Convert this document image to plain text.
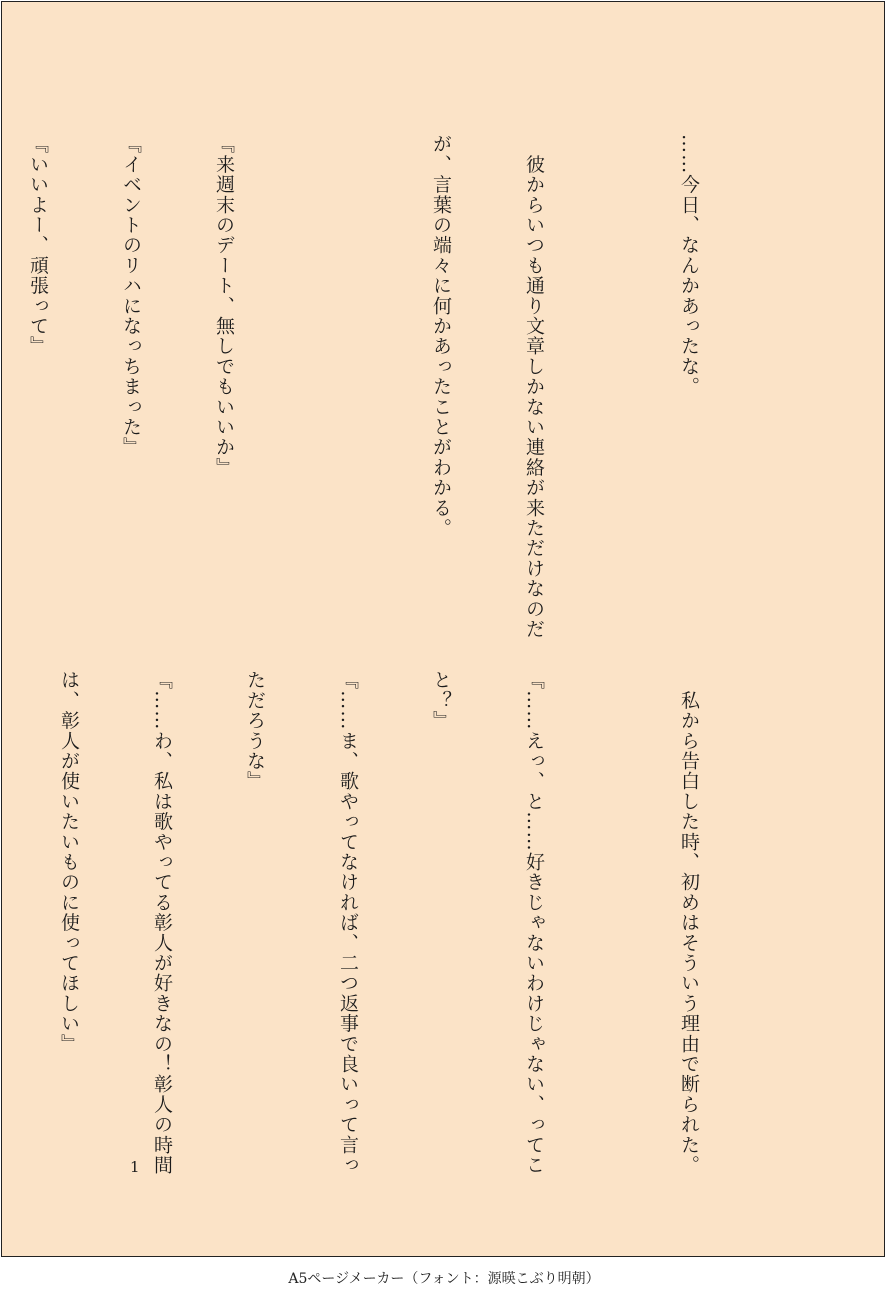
……今日、なんかあったな。

　彼からいつも通り文章しかない連絡が来ただけなのだ

が、言葉の端々に何かあったことがわかる。

『来週末のデート、無しでもいいか』

『イベントのリハになっちまった』

『いいよー、頑張って』

　私から告白した時、初めはそういう理由で断られた。

『……えっ、と……好きじゃないわけじゃない、ってこ

と？』

『……ま、歌やってなければ、二つ返事で良いって言っ

ただろうな』

『……わ、私は歌やってる彰人が好きなの！彰人の時間

は、彰人が使いたいものに使ってほしい』

1
A5ページメーカー（フォント：源暎こぶり明朝）
